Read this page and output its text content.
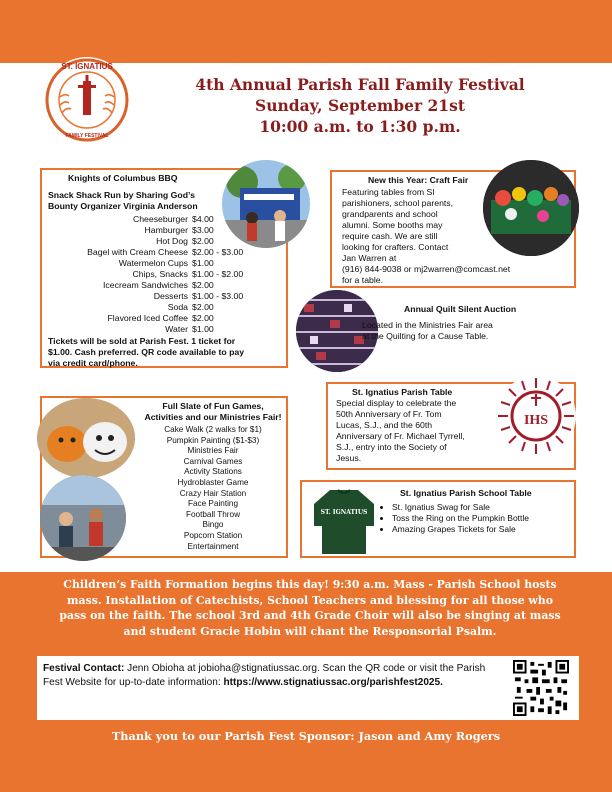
ST. IGNATIUS
FAMILY FESTIVAL
4th Annual Parish Fall Family Festival
Sunday, September 21st
10:00 a.m. to 1:30 p.m.
Knights of Columbus BBQ
Snack Shack Run by Sharing God’s
Bounty Organizer Virginia Anderson
Cheeseburger $4.00
Hamburger $3.00
Hot Dog $2.00
Bagel with Cream Cheese $2.00 - $3.00
Watermelon Cups $1.00
Chips, Snacks $1.00 - $2.00
Icecream Sandwiches $2.00
Desserts $1.00 - $3.00
Soda $2.00
Flavored Iced Coffee $2.00
Water $1.00
Tickets will be sold at Parish Fest. 1 ticket for
$1.00. Cash preferred. QR code available to pay
via credit card/phone.
New this Year: Craft Fair
Featuring tables from SI
parishioners, school parents,
grandparents and school
alumni. Some booths may
require cash. We are still
looking for crafters. Contact
Jan Warren at
(916) 844-9038 or mj2warren@comcast.net
for a table.
Annual Quilt Silent Auction
Located in the Ministries Fair area
at the Quilting for a Cause Table.
Full Slate of Fun Games,
Activities and our Ministries Fair!
Cake Walk (2 walks for $1)
Pumpkin Painting ($1-$3)
Ministries Fair
Carnival Games
Activity Stations
Hydroblaster Game
Crazy Hair Station
Face Painting
Football Throw
Bingo
Popcorn Station
Entertainment
St. Ignatius Parish Table
Special display to celebrate the
50th Anniversary of Fr. Tom
Lucas, S.J., and the 60th
Anniversary of Fr. Michael Tyrrell,
S.J., entry into the Society of
Jesus.
IHS
St. Ignatius Parish School Table
• St. Ignatius Swag for Sale
• Toss the Ring on the Pumpkin Bottle
• Amazing Grapes Tickets for Sale
ST. IGNATIUS
Children’s Faith Formation begins this day! 9:30 a.m. Mass - Parish School hosts
mass. Installation of Catechists, School Teachers and blessing for all those who
pass on the faith. The school 3rd and 4th Grade Choir will also be singing at mass
and student Gracie Hobin will chant the Responsorial Psalm.
Festival Contact: Jenn Obioha at jobioha@stignatiussac.org. Scan the QR code or visit the Parish Fest Website for up-to-date information: https://www.stignatiussac.org/parishfest2025.
Thank you to our Parish Fest Sponsor: Jason and Amy Rogers
